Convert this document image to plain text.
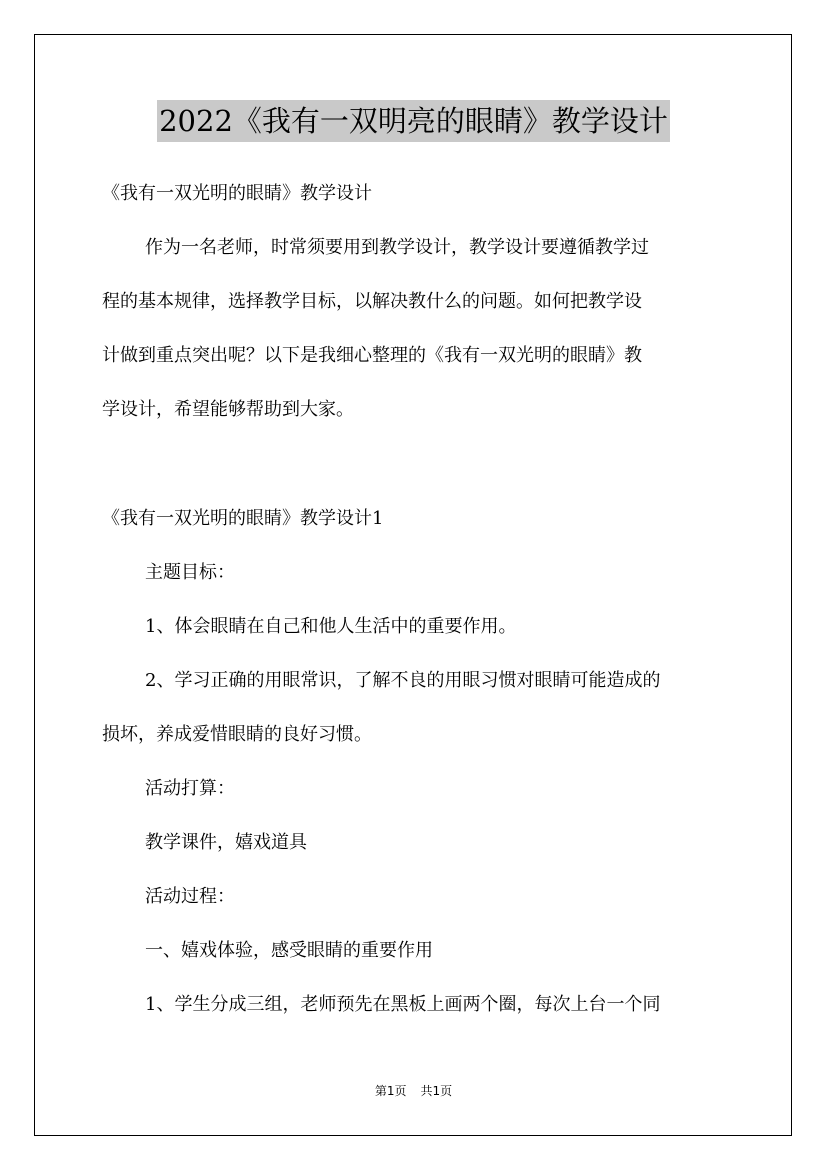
2022《我有一双明亮的眼睛》教学设计
《我有一双光明的眼睛》教学设计
作为一名老师，时常须要用到教学设计，教学设计要遵循教学过
程的基本规律，选择教学目标，以解决教什么的问题。如何把教学设
计做到重点突出呢？以下是我细心整理的《我有一双光明的眼睛》教
学设计，希望能够帮助到大家。
《我有一双光明的眼睛》教学设计1
主题目标：
1、体会眼睛在自己和他人生活中的重要作用。
2、学习正确的用眼常识，了解不良的用眼习惯对眼睛可能造成的
损坏，养成爱惜眼睛的良好习惯。
活动打算：
教学课件，嬉戏道具
活动过程：
一、嬉戏体验，感受眼睛的重要作用
1、学生分成三组，老师预先在黑板上画两个圈，每次上台一个同
第1页 共1页
